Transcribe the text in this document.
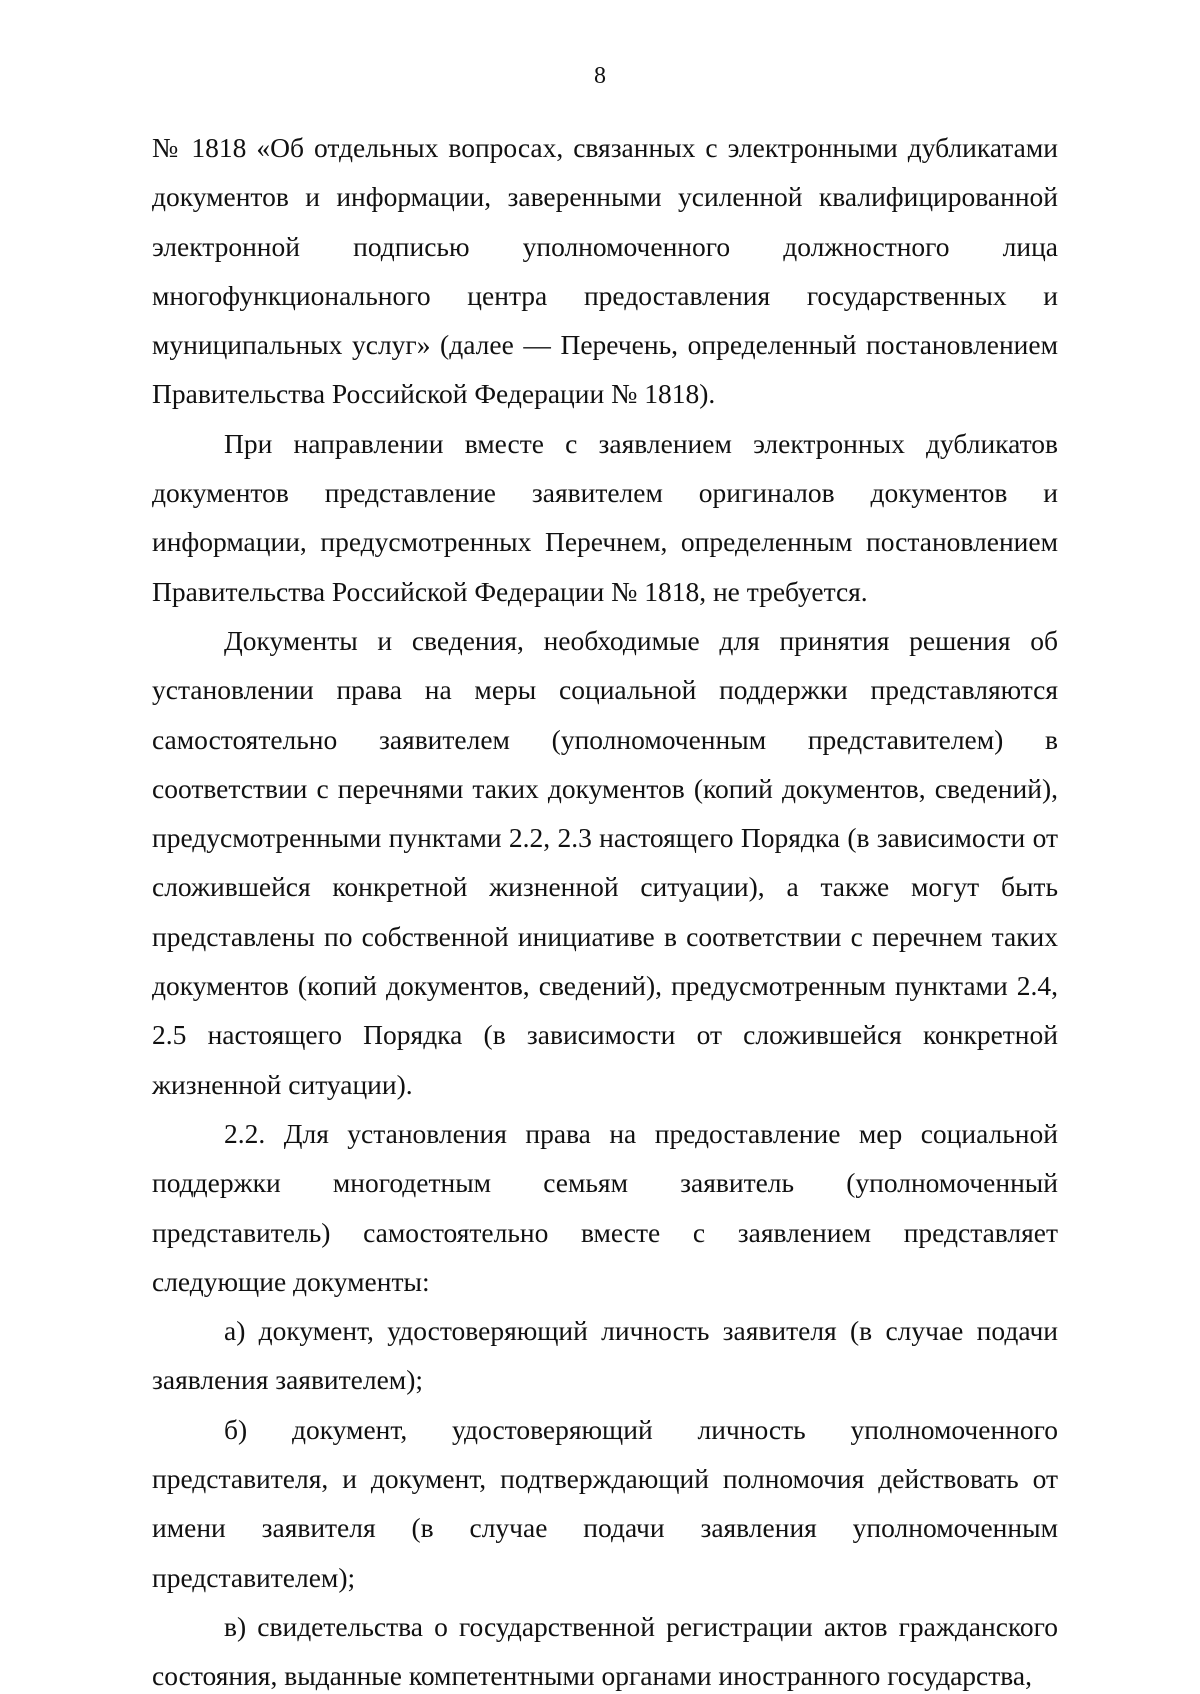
8

№ 1818 «Об отдельных вопросах, связанных с электронными дубликатами документов и информации, заверенными усиленной квалифицированной электронной подписью уполномоченного должностного лица многофункционального центра предоставления государственных и муниципальных услуг» (далее — Перечень, определенный постановлением Правительства Российской Федерации № 1818).

При направлении вместе с заявлением электронных дубликатов документов представление заявителем оригиналов документов и информации, предусмотренных Перечнем, определенным постановлением Правительства Российской Федерации № 1818, не требуется.

Документы и сведения, необходимые для принятия решения об установлении права на меры социальной поддержки представляются самостоятельно заявителем (уполномоченным представителем) в соответствии с перечнями таких документов (копий документов, сведений), предусмотренными пунктами 2.2, 2.3 настоящего Порядка (в зависимости от сложившейся конкретной жизненной ситуации), а также могут быть представлены по собственной инициативе в соответствии с перечнем таких документов (копий документов, сведений), предусмотренным пунктами 2.4, 2.5 настоящего Порядка (в зависимости от сложившейся конкретной жизненной ситуации).

2.2. Для установления права на предоставление мер социальной поддержки многодетным семьям заявитель (уполномоченный представитель) самостоятельно вместе с заявлением представляет следующие документы:

а) документ, удостоверяющий личность заявителя (в случае подачи заявления заявителем);

б) документ, удостоверяющий личность уполномоченного представителя, и документ, подтверждающий полномочия действовать от имени заявителя (в случае подачи заявления уполномоченным представителем);

в) свидетельства о государственной регистрации актов гражданского состояния, выданные компетентными органами иностранного государства,
